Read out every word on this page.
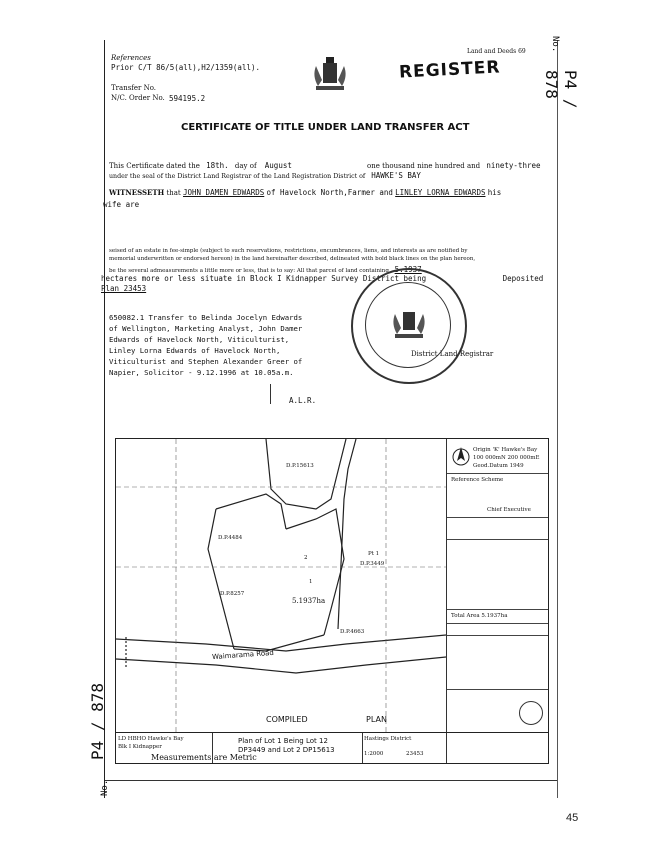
References
Prior C/T 86/5(all),H2/1359(all).
Transfer No.
N/C. Order No. 594195.2
REGISTER
Land and Deeds 69
CERTIFICATE OF TITLE UNDER LAND TRANSFER ACT
This Certificate dated the 18th. day of August	one thousand nine hundred and ninety-three
under the seal of the District Land Registrar of the Land Registration District of HAWKE'S BAY
WITNESSETH that JOHN DAMEN EDWARDS of Havelock North,Farmer and LINLEY LORNA EDWARDS his
wife are
seised of an estate in fee-simple (subject to such reservations, restrictions, encumbrances, liens, and interests as are notified by
memorial underwritten or endorsed hereon) in the land hereinafter described, delineated with bold black lines on the plan hereon,
be the several admeasurements a little more or less, that is to say: All that parcel of land containing 5.1937
hectares more or less situate in Block I Kidnapper Survey District being	Deposited
Plan 23453
650082.1 Transfer to Belinda Jocelyn Edwards
of Wellington, Marketing Analyst, John Damer
Edwards of Havelock North, Viticulturist,
Linley Lorna Edwards of Havelock North,
Viticulturist and Stephen Alexander Greer of
Napier, Solicitor - 9.12.1996 at 10.05a.m.
District Land Registrar
A.L.R.
D.P.15613
D.P.4484
D.P.8257
2
1
5.1937ha
Pt 1
D.P.3449
D.P.4663
Waimarama Road
COMPILED	PLAN
Origin 'K' Hawke's Bay
100 000mN 200 000mE
Geod.Datum 1949
Reference Scheme
Chief Executive
Total Area 5.1937ha
LD HBHO Hawke's Bay
Blk I Kidnapper
Plan of Lot 1 Being Lot 12
DP3449 and Lot 2 DP15613
Hastings District
1:2000	23453
Measurements are Metric
No.
P4 / 878
P4 / 878
No.
45
